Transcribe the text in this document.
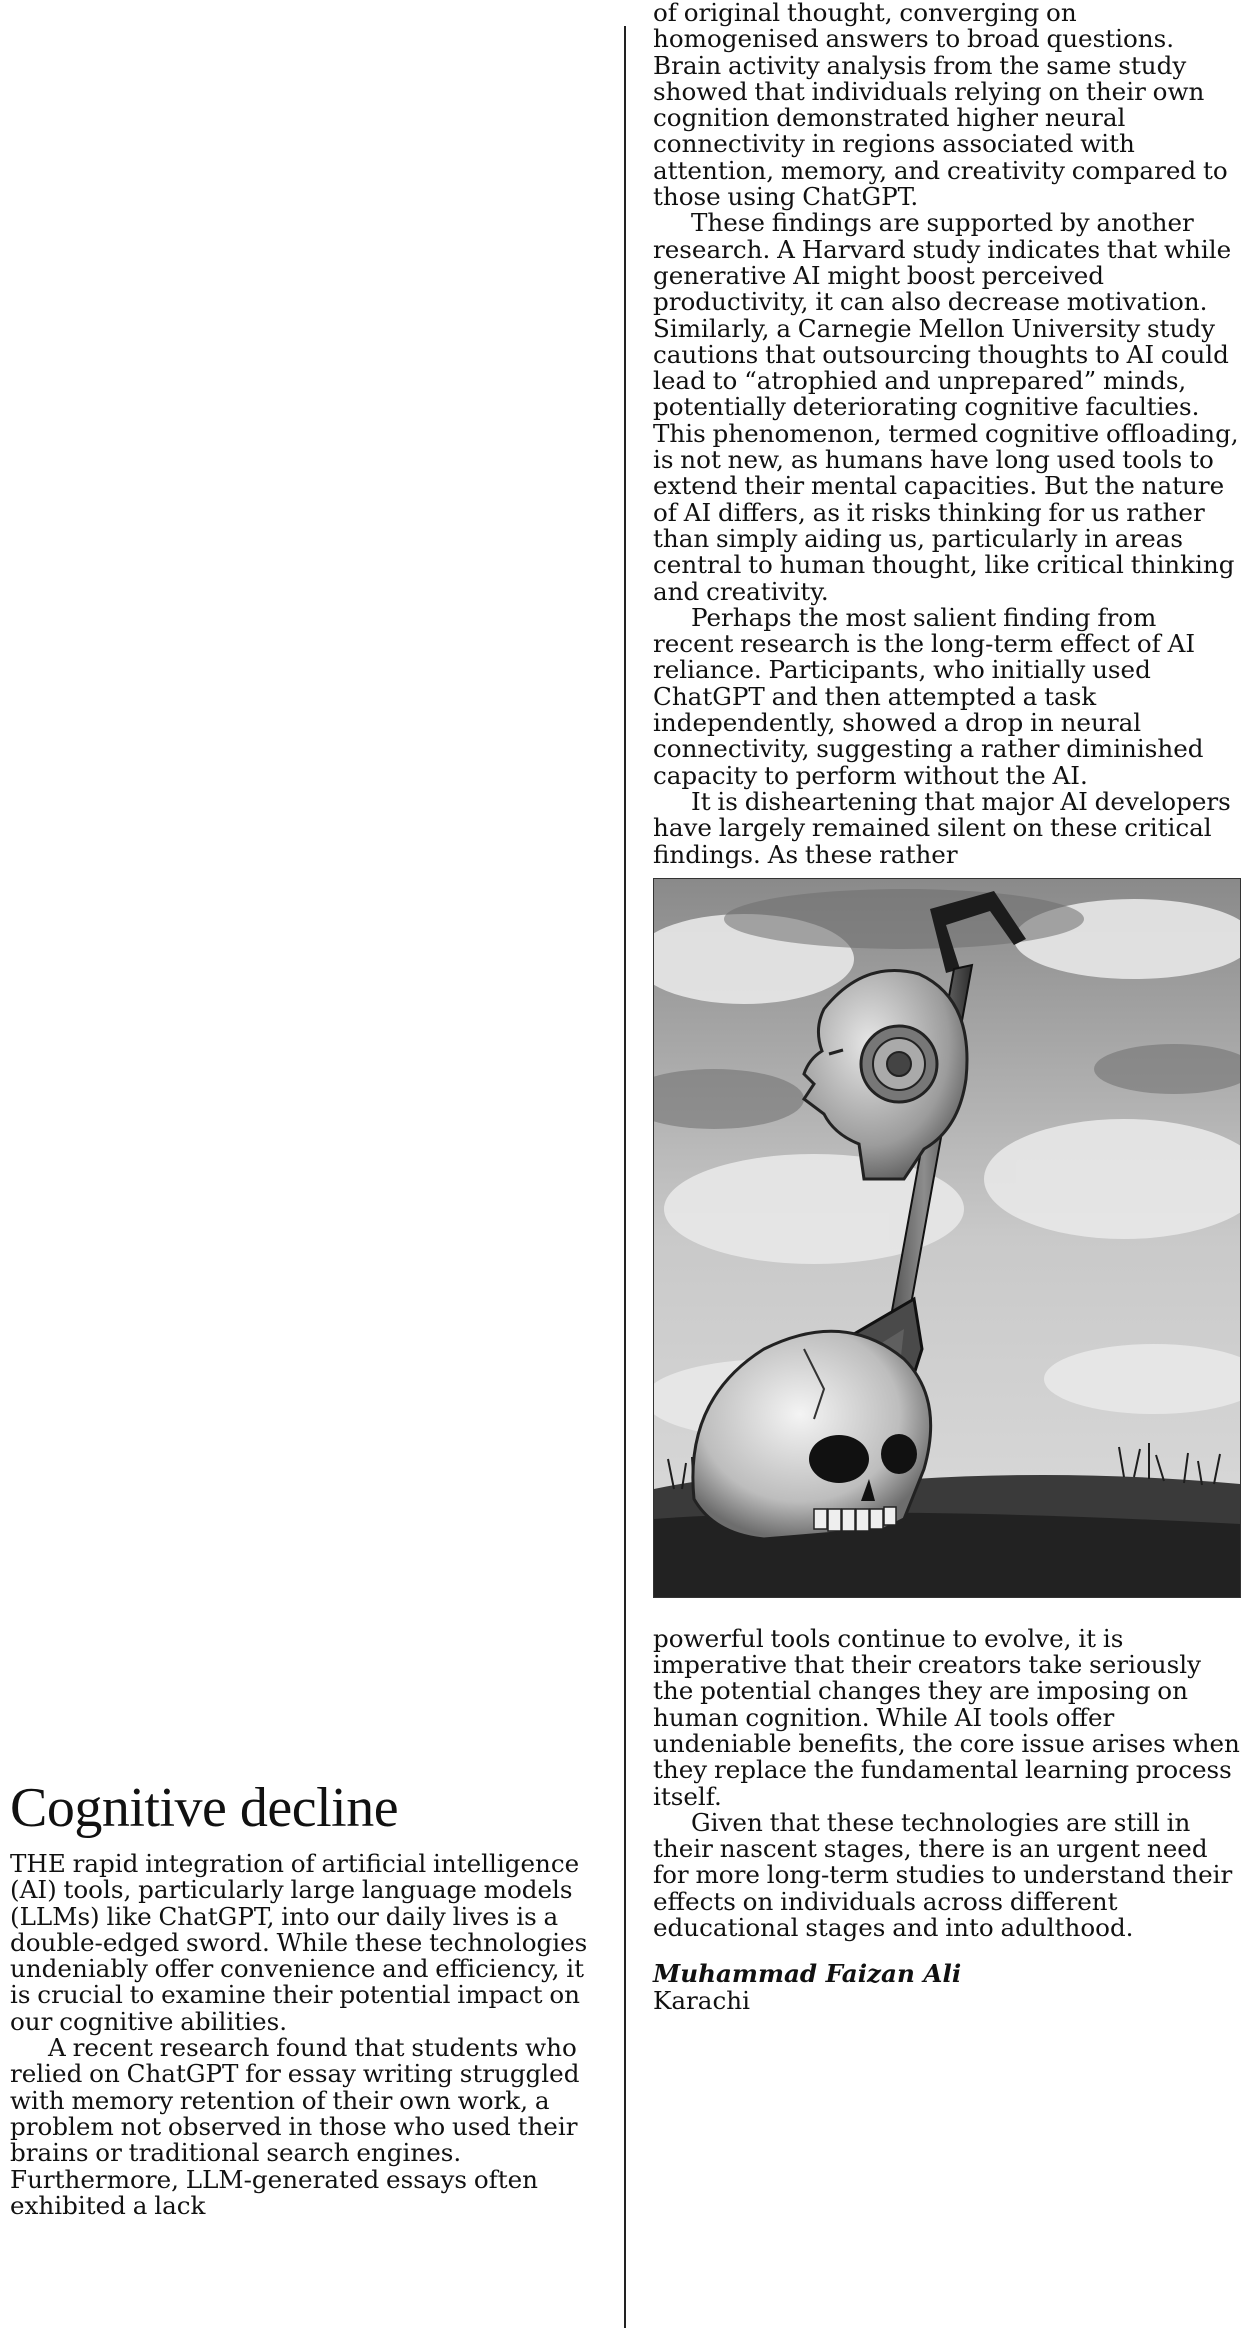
Cognitive decline

THE rapid integration of artificial intelligence (AI) tools, particularly large language models (LLMs) like ChatGPT, into our daily lives is a double-edged sword. While these technologies undeniably offer convenience and efficiency, it is crucial to examine their potential impact on our cognitive abilities.

A recent research found that students who relied on ChatGPT for essay writing struggled with memory retention of their own work, a problem not observed in those who used their brains or traditional search engines. Furthermore, LLM-generated essays often exhibited a lack

of original thought, converging on homogenised answers to broad questions. Brain activity analysis from the same study showed that individuals relying on their own cognition demonstrated higher neural connectivity in regions associated with attention, memory, and creativity compared to those using ChatGPT.

These findings are supported by another research. A Harvard study indicates that while generative AI might boost perceived productivity, it can also decrease motivation. Similarly, a Carnegie Mellon University study cautions that outsourcing thoughts to AI could lead to “atrophied and unprepared” minds, potentially deteriorating cognitive faculties. This phenomenon, termed cognitive offloading, is not new, as humans have long used tools to extend their mental capacities. But the nature of AI differs, as it risks thinking for us rather than simply aiding us, particularly in areas central to human thought, like critical thinking and creativity.

Perhaps the most salient finding from recent research is the long-term effect of AI reliance. Participants, who initially used ChatGPT and then attempted a task independently, showed a drop in neural connectivity, suggesting a rather diminished capacity to perform without the AI.

It is disheartening that major AI developers have largely remained silent on these critical findings. As these rather

powerful tools continue to evolve, it is imperative that their creators take seriously the potential changes they are imposing on human cognition. While AI tools offer undeniable benefits, the core issue arises when they replace the fundamental learning process itself.

Given that these technologies are still in their nascent stages, there is an urgent need for more long-term studies to understand their effects on individuals across different educational stages and into adulthood.

Muhammad Faizan Ali
Karachi
